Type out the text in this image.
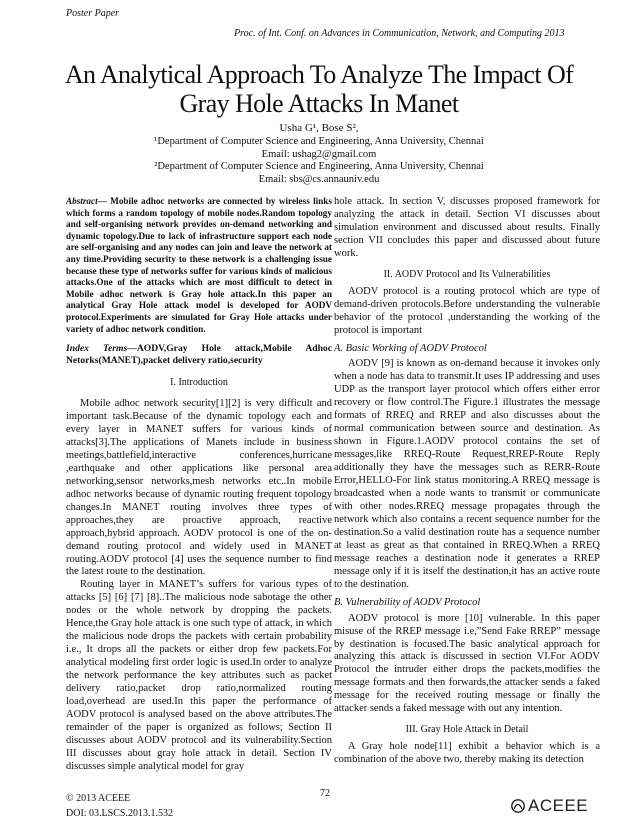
Poster Paper
Proc. of Int. Conf. on Advances in Communication, Network, and Computing 2013
An Analytical Approach To Analyze The Impact Of
Gray Hole Attacks In Manet
Usha G¹, Bose S²,
¹Department of Computer Science and Engineering, Anna University, Chennai
Email: ushag2@gmail.com
²Department of Computer Science and Engineering, Anna University, Chennai
Email: sbs@cs.annauniv.edu
Abstract— Mobile adhoc networks are connected by wireless links which forms a random topology of mobile nodes.Random topology and self-organising network provides on-demand networking and dynamic topology.Due to lack of infrastructure support each node are self-organising and any nodes can join and leave the network at any time.Providing security to these network is a challenging issue because these type of networks suffer for various kinds of malicious attacks.One of the attacks which are most difficult to detect in Mobile adhoc network is Gray hole attack.In this paper an analytical Gray Hole attack model is developed for AODV protocol.Experiments are simulated for Gray Hole attacks under variety of adhoc network condition.
Index Terms—AODV,Gray Hole attack,Mobile Adhoc Netorks(MANET),packet delivery ratio,security
I. Introduction

Mobile adhoc network security[1][2] is very difficult and important task.Because of the dynamic topology each and every layer in MANET suffers for various kinds of attacks[3].The applications of Manets include in business meetings,battlefield,interactive conferences,hurricane ,earthquake and other applications like personal area networking,sensor networks,mesh networks etc..In mobile adhoc networks because of dynamic routing frequent topology changes.In MANET routing involves three types of approaches,they are proactive approach, reactive approach,hybrid approach. AODV protocol is one of the on-demand routing protocol and widely used in MANET routing.AODV protocol [4] uses the sequence number to find the latest route to the destination.

Routing layer in MANET’s suffers for various types of attacks [5] [6] [7] [8]..The malicious node sabotage the other nodes or the whole network by dropping the packets. Hence,the Gray hole attack is one such type of attack, in which the malicious node drops the packets with certain probability i.e., It drops all the packets or either drop few packets.For analytical modeling first order logic is used.In order to analyze the network performance the key attributes such as packet delivery ratio,packet drop ratio,normalized routing load,overhead are used.In this paper the performance of AODV protocol is analysed based on the above attributes.The remainder of the paper is organized as follows; Section II discusses about AODV protocol and its vulnerability.Section III discusses about gray hole attack in detail. Section IV discusses simple analytical model for gray

hole attack. In section V, discusses proposed framework for analyzing the attack in detail. Section VI discusses about simulation environment and discussed about results. Finally section VII concludes this paper and discussed about future work.

II. AODV Protocol and Its Vulnerabilities

AODV protocol is a routing protocol which are type of demand-driven protocols.Before understanding the vulnerable behavior of the protocol ,understanding the working of the protocol is important

A. Basic Working of AODV Protocol

AODV [9] is known as on-demand because it invokes only when a node has data to transmit.It uses IP addressing and uses UDP as the transport layer protocol which offers either error recovery or flow control.The Figure.1 illustrates the message formats of RREQ and RREP and also discusses about the normal communication between source and destination. As shown in Figure.1.AODV protocol contains the set of messages,like RREQ-Route Request,RREP-Route Reply additionally they have the messages such as RERR-Route Error,HELLO-For link status monitoring.A RREQ message is broadcasted when a node wants to transmit or communicate with other nodes.RREQ message propagates through the network which also contains a recent sequence number for the destination.So a valid destination route has a sequence number at least as great as that contained in RREQ.When a RREQ message reaches a destination node it generates a RREP message only if it is itself the destination,it has an active route to the destination.

B. Vulnerability of AODV Protocol

AODV protocol is more [10] vulnerable. In this paper misuse of the RREP message i.e,”Send Fake RREP” message by destination is focused.The basic analytical approach for analyzing this attack is discussed in section VI.For AODV Protocol the intruder either drops the packets,modifies the message formats and then forwards,the attacker sends a faked message for the received routing message or finally the attacker sends a faked message with out any intention.

III. Gray Hole Attack in Detail

A Gray hole node[11] exhibit a behavior which is a combination of the above two, thereby making its detection

72
© 2013 ACEEE
DOI: 03.LSCS.2013.1.532	ACEEE
